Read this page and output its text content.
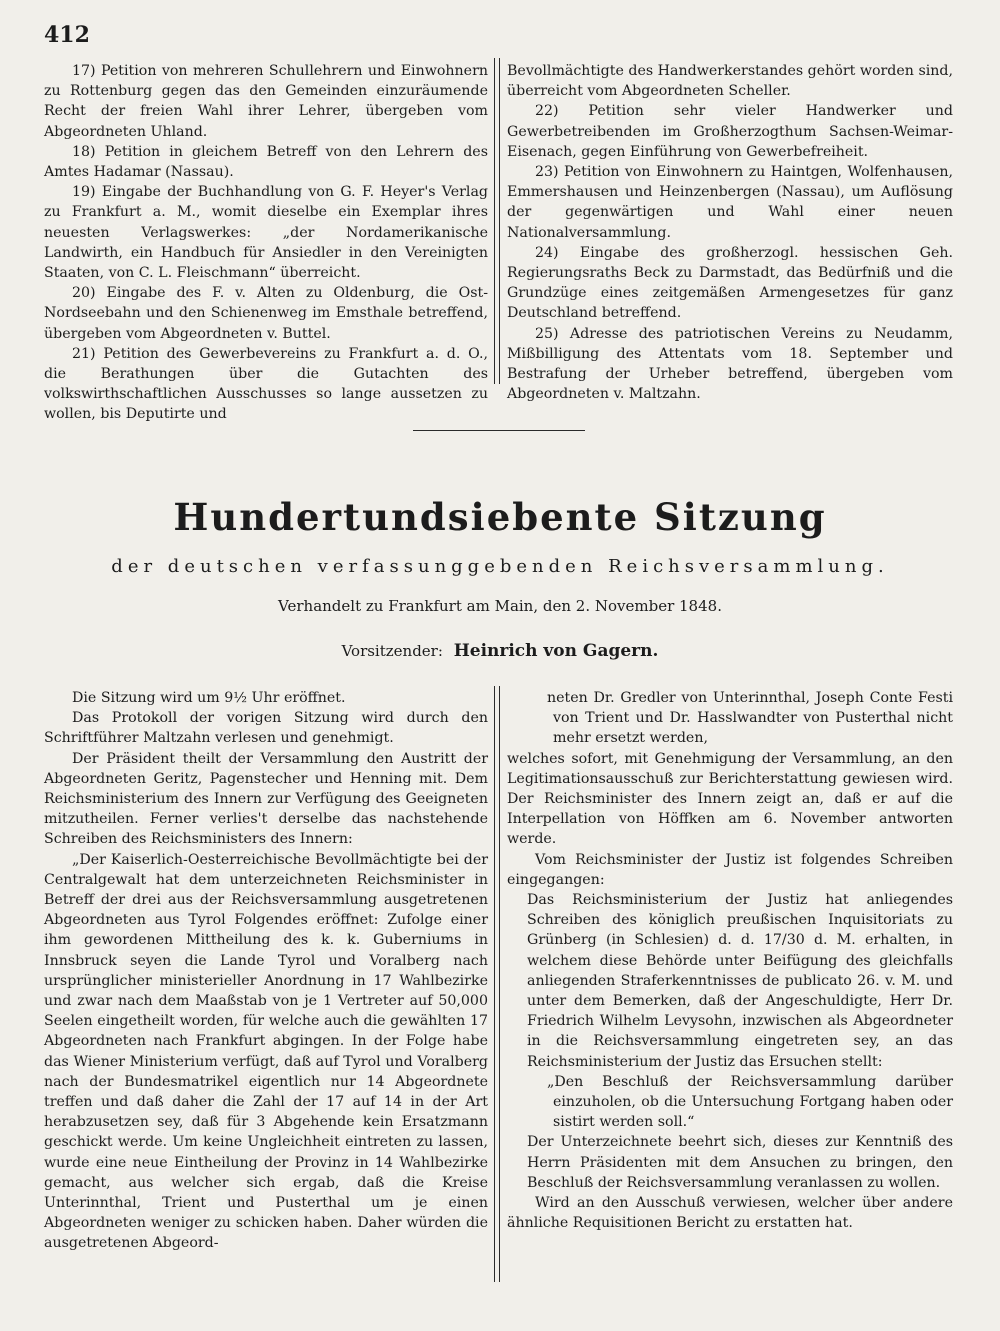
412

17) Petition von mehreren Schullehrern und Einwohnern zu Rottenburg gegen das den Gemeinden einzuräumende Recht der freien Wahl ihrer Lehrer, übergeben vom Abgeordneten Uhland.

18) Petition in gleichem Betreff von den Lehrern des Amtes Hadamar (Nassau).

19) Eingabe der Buchhandlung von G. F. Heyer's Verlag zu Frankfurt a. M., womit dieselbe ein Exemplar ihres neuesten Verlagswerkes: „der Nordamerikanische Landwirth, ein Handbuch für Ansiedler in den Vereinigten Staaten, von C. L. Fleischmann“ überreicht.

20) Eingabe des F. v. Alten zu Oldenburg, die Ost-Nordseebahn und den Schienenweg im Emsthale betreffend, übergeben vom Abgeordneten v. Buttel.

21) Petition des Gewerbevereins zu Frankfurt a. d. O., die Berathungen über die Gutachten des volkswirthschaftlichen Ausschusses so lange aussetzen zu wollen, bis Deputirte und

Bevollmächtigte des Handwerkerstandes gehört worden sind, überreicht vom Abgeordneten Scheller.

22) Petition sehr vieler Handwerker und Gewerbetreibenden im Großherzogthum Sachsen-Weimar-Eisenach, gegen Einführung von Gewerbefreiheit.

23) Petition von Einwohnern zu Haintgen, Wolfenhausen, Emmershausen und Heinzenbergen (Nassau), um Auflösung der gegenwärtigen und Wahl einer neuen Nationalversammlung.

24) Eingabe des großherzogl. hessischen Geh. Regierungsraths Beck zu Darmstadt, das Bedürfniß und die Grundzüge eines zeitgemäßen Armengesetzes für ganz Deutschland betreffend.

25) Adresse des patriotischen Vereins zu Neudamm, Mißbilligung des Attentats vom 18. September und Bestrafung der Urheber betreffend, übergeben vom Abgeordneten v. Maltzahn.

Hundertundsiebente Sitzung
der deutschen verfassunggebenden Reichsversammlung.
Verhandelt zu Frankfurt am Main, den 2. November 1848.
Vorsitzender: Heinrich von Gagern.

Die Sitzung wird um 9½ Uhr eröffnet.

Das Protokoll der vorigen Sitzung wird durch den Schriftführer Maltzahn verlesen und genehmigt.

Der Präsident theilt der Versammlung den Austritt der Abgeordneten Geritz, Pagenstecher und Henning mit. Dem Reichsministerium des Innern zur Verfügung des Geeigneten mitzutheilen. Ferner verlies't derselbe das nachstehende Schreiben des Reichsministers des Innern:

„Der Kaiserlich-Oesterreichische Bevollmächtigte bei der Centralgewalt hat dem unterzeichneten Reichsminister in Betreff der drei aus der Reichsversammlung ausgetretenen Abgeordneten aus Tyrol Folgendes eröffnet: Zufolge einer ihm gewordenen Mittheilung des k. k. Guberniums in Innsbruck seyen die Lande Tyrol und Voralberg nach ursprünglicher ministerieller Anordnung in 17 Wahlbezirke und zwar nach dem Maaßstab von je 1 Vertreter auf 50,000 Seelen eingetheilt worden, für welche auch die gewählten 17 Abgeordneten nach Frankfurt abgingen. In der Folge habe das Wiener Ministerium verfügt, daß auf Tyrol und Voralberg nach der Bundesmatrikel eigentlich nur 14 Abgeordnete treffen und daß daher die Zahl der 17 auf 14 in der Art herabzusetzen sey, daß für 3 Abgehende kein Ersatzmann geschickt werde. Um keine Ungleichheit eintreten zu lassen, wurde eine neue Eintheilung der Provinz in 14 Wahlbezirke gemacht, aus welcher sich ergab, daß die Kreise Unterinnthal, Trient und Pusterthal um je einen Abgeordneten weniger zu schicken haben. Daher würden die ausgetretenen Abgeord-

neten Dr. Gredler von Unterinnthal, Joseph Conte Festi von Trient und Dr. Hasslwandter von Pusterthal nicht mehr ersetzt werden,

welches sofort, mit Genehmigung der Versammlung, an den Legitimationsausschuß zur Berichterstattung gewiesen wird. Der Reichsminister des Innern zeigt an, daß er auf die Interpellation von Höffken am 6. November antworten werde.

Vom Reichsminister der Justiz ist folgendes Schreiben eingegangen:

Das Reichsministerium der Justiz hat anliegendes Schreiben des königlich preußischen Inquisitoriats zu Grünberg (in Schlesien) d. d. 17/30 d. M. erhalten, in welchem diese Behörde unter Beifügung des gleichfalls anliegenden Straferkenntnisses de publicato 26. v. M. und unter dem Bemerken, daß der Angeschuldigte, Herr Dr. Friedrich Wilhelm Levysohn, inzwischen als Abgeordneter in die Reichsversammlung eingetreten sey, an das Reichsministerium der Justiz das Ersuchen stellt:

„Den Beschluß der Reichsversammlung darüber einzuholen, ob die Untersuchung Fortgang haben oder sistirt werden soll.“

Der Unterzeichnete beehrt sich, dieses zur Kenntniß des Herrn Präsidenten mit dem Ansuchen zu bringen, den Beschluß der Reichsversammlung veranlassen zu wollen.

Wird an den Ausschuß verwiesen, welcher über andere ähnliche Requisitionen Bericht zu erstatten hat.
